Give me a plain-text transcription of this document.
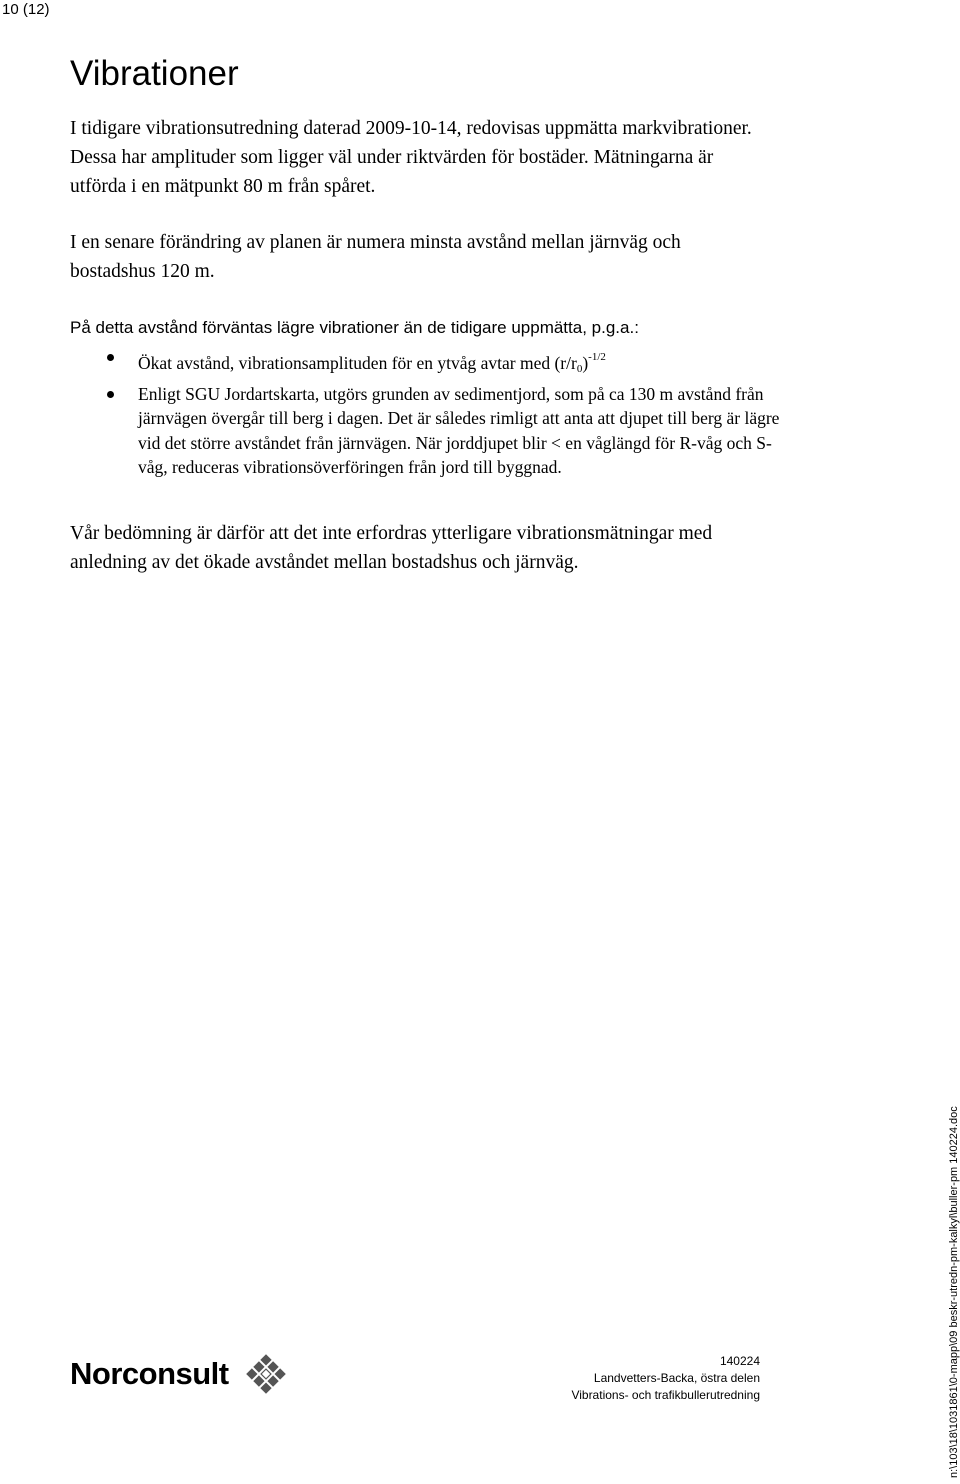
10 (12)
Vibrationer

I tidigare vibrationsutredning daterad 2009-10-14, redovisas uppmätta markvibrationer. Dessa har amplituder som ligger väl under riktvärden för bostäder. Mätningarna är utförda i en mätpunkt 80 m från spåret.

I en senare förändring av planen är numera minsta avstånd mellan järnväg och bostadshus 120 m.

På detta avstånd förväntas lägre vibrationer än de tidigare uppmätta, p.g.a.:

Ökat avstånd, vibrationsamplituden för en ytvåg avtar med $(r/r_0)^{-1/2}$
Enligt SGU Jordartskarta, utgörs grunden av sedimentjord, som på ca 130 m avstånd från järnvägen övergår till berg i dagen. Det är således rimligt att anta att djupet till berg är lägre vid det större avståndet från järnvägen. När jorddjupet blir < en våglängd för R-våg och S-våg, reduceras vibrationsöverföringen från jord till byggnad.

Vår bedömning är därför att det inte erfordras ytterligare vibrationsmätningar med anledning av det ökade avståndet mellan bostadshus och järnväg.

Norconsult	140224
Landvetters-Backa, östra delen
Vibrations- och trafikbullerutredning	n:\103\18\1031861\0-mapp\09 beskr-utredn-pm-kalkyl\buller-pm 140224.doc
